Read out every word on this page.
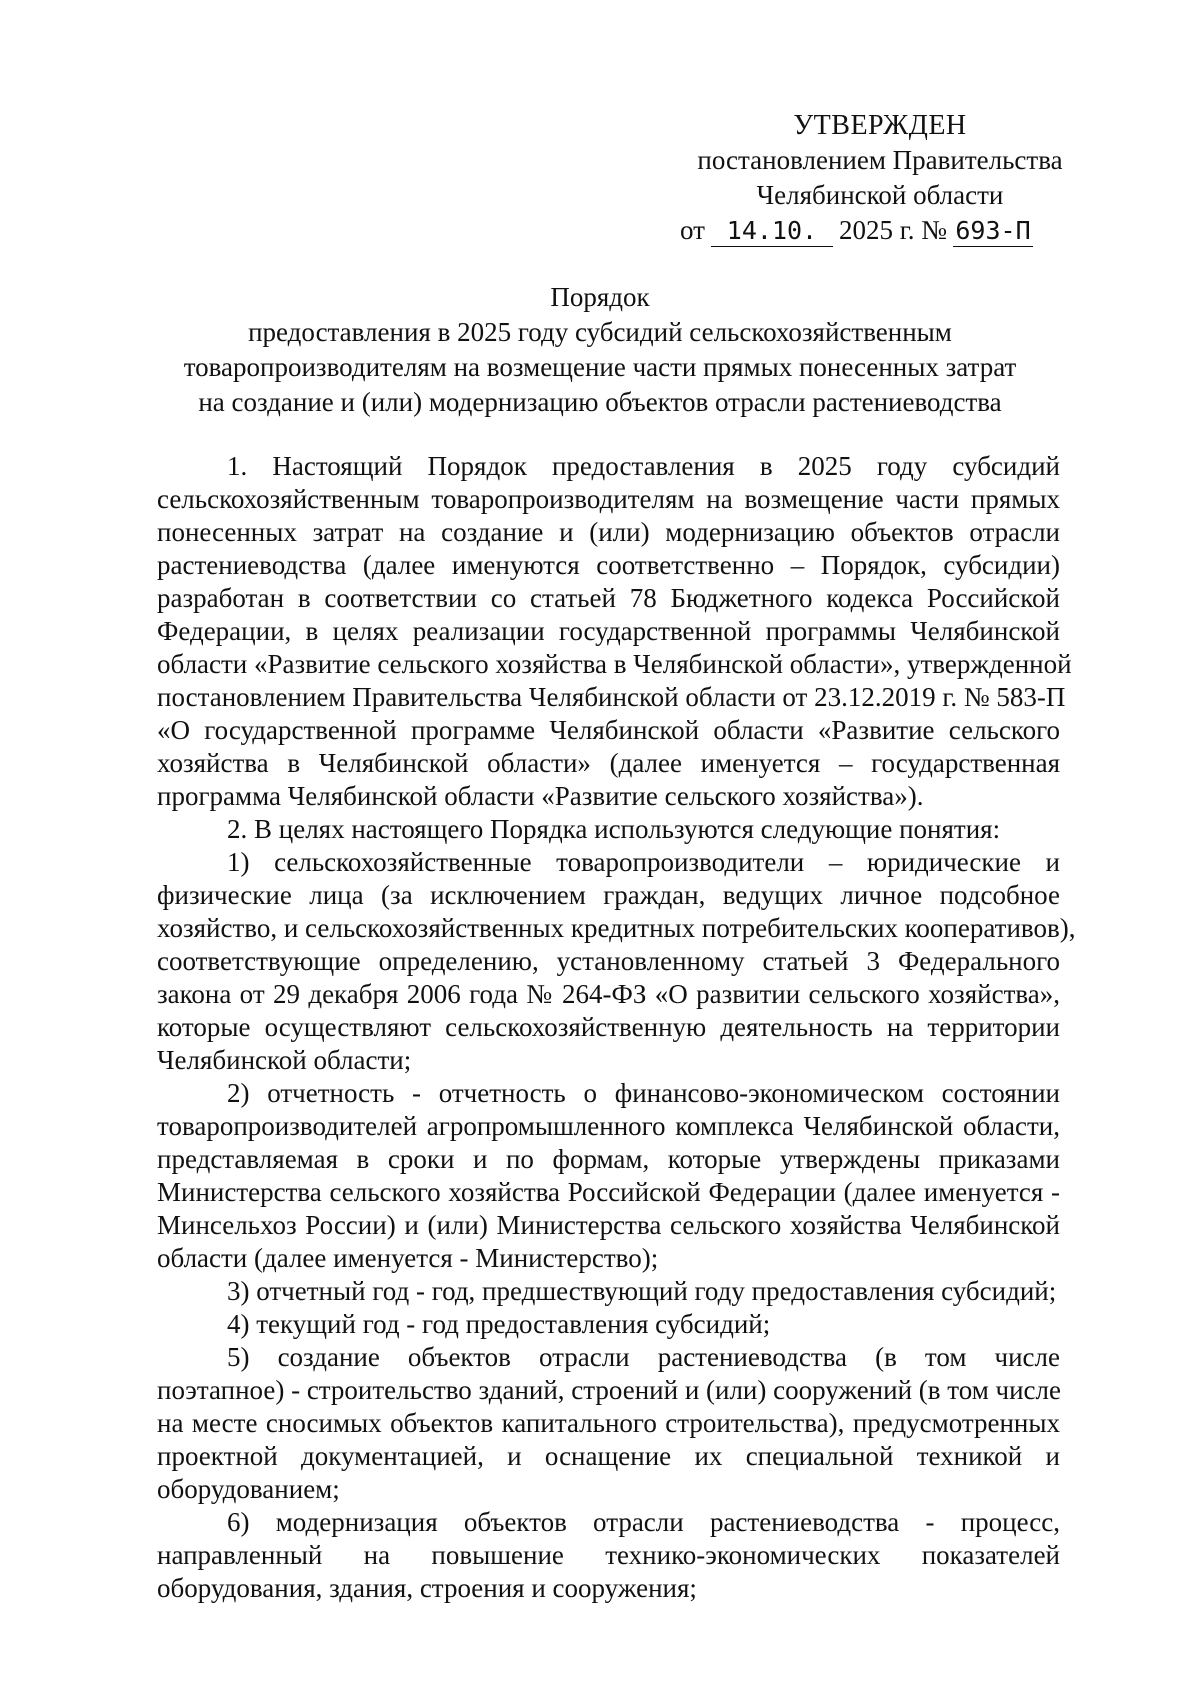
УТВЕРЖДЕН
постановлением Правительства
Челябинской области
от 14.10. 2025 г. № 693-П
Порядок
предоставления в 2025 году субсидий сельскохозяйственным
товаропроизводителям на возмещение части прямых понесенных затрат
на создание и (или) модернизацию объектов отрасли растениеводства
1. Настоящий Порядок предоставления в 2025 году субсидий
сельскохозяйственным товаропроизводителям на возмещение части прямых
понесенных затрат на создание и (или) модернизацию объектов отрасли
растениеводства (далее именуются соответственно – Порядок, субсидии)
разработан в соответствии со статьей 78 Бюджетного кодекса Российской
Федерации, в целях реализации государственной программы Челябинской
области «Развитие сельского хозяйства в Челябинской области», утвержденной
постановлением Правительства Челябинской области от 23.12.2019 г. № 583-П
«О государственной программе Челябинской области «Развитие сельского
хозяйства в Челябинской области» (далее именуется – государственная
программа Челябинской области «Развитие сельского хозяйства»).
2. В целях настоящего Порядка используются следующие понятия:
1) сельскохозяйственные товаропроизводители – юридические и
физические лица (за исключением граждан, ведущих личное подсобное
хозяйство, и сельскохозяйственных кредитных потребительских кооперативов),
соответствующие определению, установленному статьей 3 Федерального
закона от 29 декабря 2006 года № 264-ФЗ «О развитии сельского хозяйства»,
которые осуществляют сельскохозяйственную деятельность на территории
Челябинской области;
2) отчетность - отчетность о финансово-экономическом состоянии
товаропроизводителей агропромышленного комплекса Челябинской области,
представляемая в сроки и по формам, которые утверждены приказами
Министерства сельского хозяйства Российской Федерации (далее именуется -
Минсельхоз России) и (или) Министерства сельского хозяйства Челябинской
области (далее именуется - Министерство);
3) отчетный год - год, предшествующий году предоставления субсидий;
4) текущий год - год предоставления субсидий;
5) создание объектов отрасли растениеводства (в том числе
поэтапное) - строительство зданий, строений и (или) сооружений (в том числе
на месте сносимых объектов капитального строительства), предусмотренных
проектной документацией, и оснащение их специальной техникой и
оборудованием;
6) модернизация объектов отрасли растениеводства - процесс,
направленный на повышение технико-экономических показателей
оборудования, здания, строения и сооружения;
